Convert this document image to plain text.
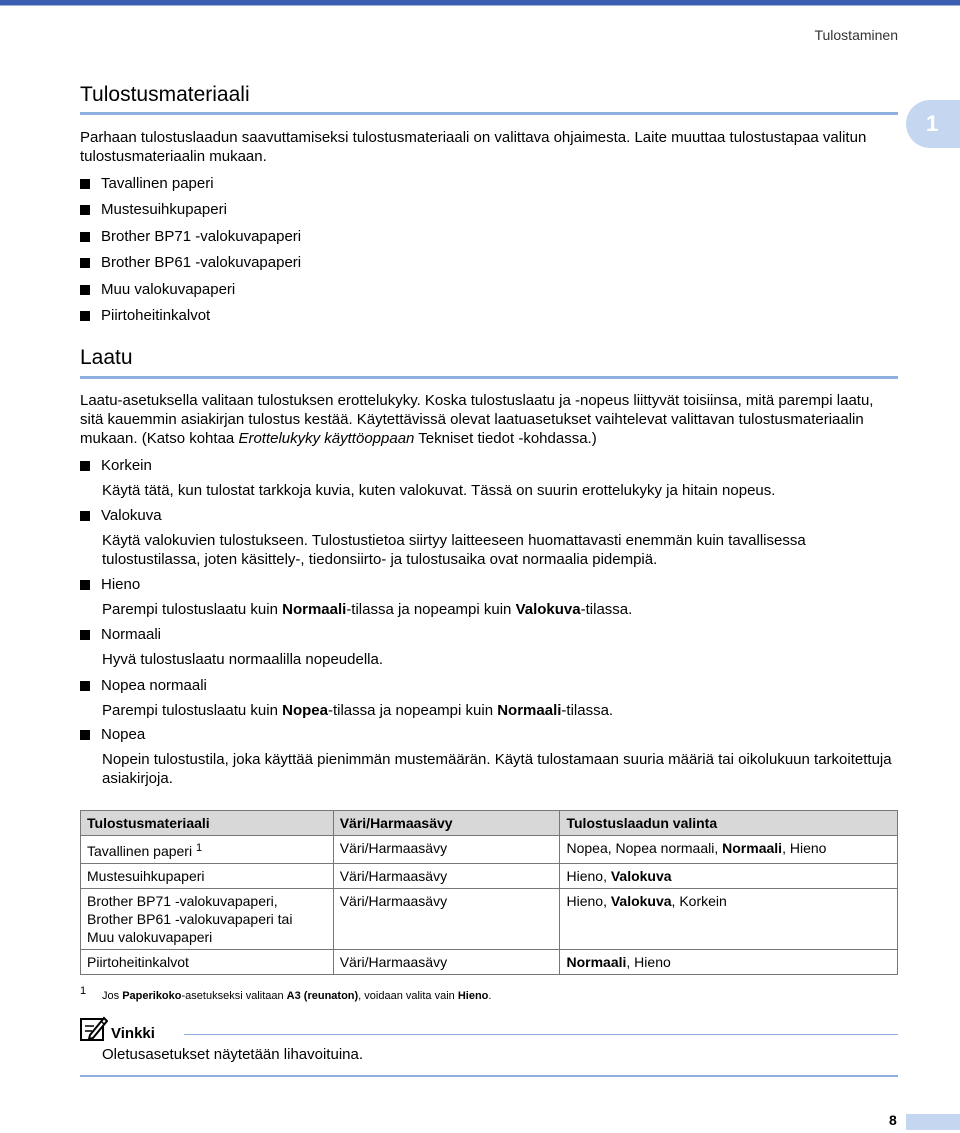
Tulostaminen
1
Tulostusmateriaali

Parhaan tulostuslaadun saavuttamiseksi tulostusmateriaali on valittava ohjaimesta. Laite muuttaa tulostustapaa valitun tulostusmateriaalin mukaan.

Tavallinen paperi
Mustesuihkupaperi
Brother BP71 -valokuvapaperi
Brother BP61 -valokuvapaperi
Muu valokuvapaperi
Piirtoheitinkalvot
Laatu

Laatu-asetuksella valitaan tulostuksen erottelukyky. Koska tulostuslaatu ja -nopeus liittyvät toisiinsa, mitä parempi laatu, sitä kauemmin asiakirjan tulostus kestää. Käytettävissä olevat laatuasetukset vaihtelevat valittavan tulostusmateriaalin mukaan. (Katso kohtaa Erottelukyky käyttöoppaan Tekniset tiedot -kohdassa.)

Korkein

Käytä tätä, kun tulostat tarkkoja kuvia, kuten valokuvat. Tässä on suurin erottelukyky ja hitain nopeus.

Valokuva

Käytä valokuvien tulostukseen. Tulostustietoa siirtyy laitteeseen huomattavasti enemmän kuin tavallisessa tulostustilassa, joten käsittely-, tiedonsiirto- ja tulostusaika ovat normaalia pidempiä.

Hieno

Parempi tulostuslaatu kuin Normaali-tilassa ja nopeampi kuin Valokuva-tilassa.

Normaali

Hyvä tulostuslaatu normaalilla nopeudella.

Nopea normaali

Parempi tulostuslaatu kuin Nopea-tilassa ja nopeampi kuin Normaali-tilassa.

Nopea

Nopein tulostustila, joka käyttää pienimmän mustemäärän. Käytä tulostamaan suuria määriä tai oikolukuun tarkoitettuja asiakirjoja.

Tulostusmateriaali	Väri/Harmaasävy	Tulostuslaadun valinta
Tavallinen paperi $^1$	Väri/Harmaasävy	Nopea, Nopea normaali, Normaali, Hieno
Mustesuihkupaperi	Väri/Harmaasävy	Hieno, Valokuva
Brother BP71 -valokuvapaperi,
Brother BP61 -valokuvapaperi tai
Muu valokuvapaperi	Väri/Harmaasävy	Hieno, Valokuva, Korkein
Piirtoheitinkalvot	Väri/Harmaasävy	Normaali, Hieno
1 Jos Paperikoko-asetukseksi valitaan A3 (reunaton), voidaan valita vain Hieno.

Vinkki

Oletusasetukset näytetään lihavoituina.

8
